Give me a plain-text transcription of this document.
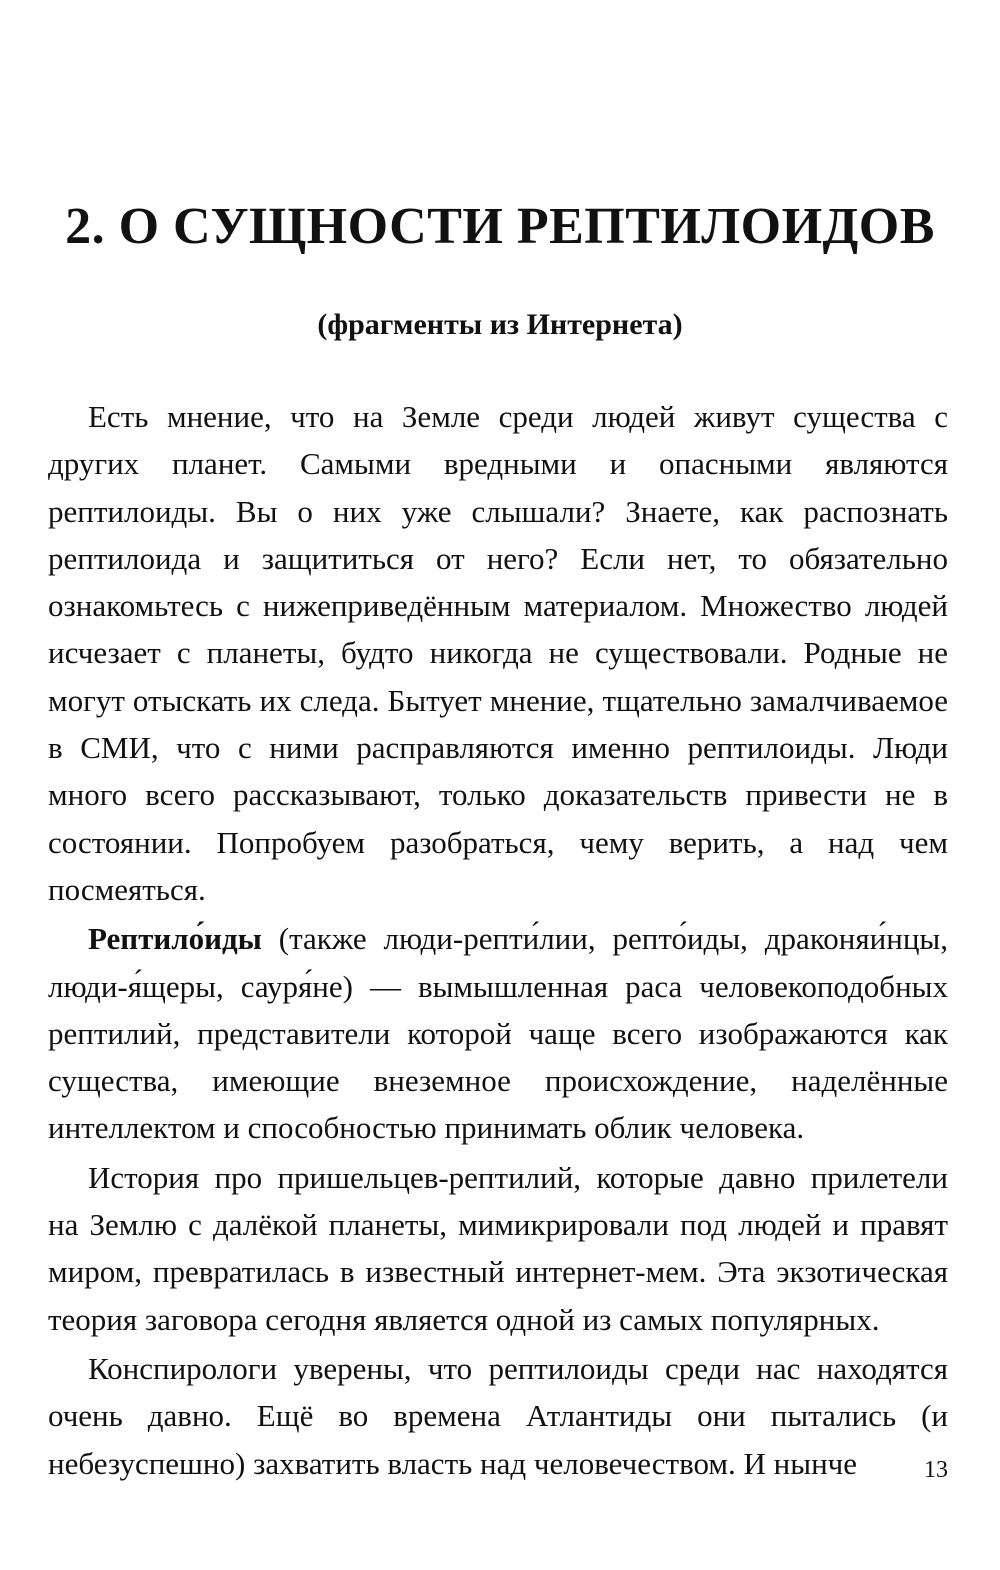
2. О СУЩНОСТИ РЕПТИЛОИДОВ
(фрагменты из Интернета)

Есть мнение, что на Земле среди людей живут существа с других планет. Самыми вредными и опасными являются рептилоиды. Вы о них уже слышали? Знаете, как распознать рептилоида и защититься от него? Если нет, то обязательно ознакомьтесь с нижеприведённым материалом. Множество людей исчезает с планеты, будто никогда не существовали. Родные не могут отыскать их следа. Бытует мнение, тщательно замалчиваемое в СМИ, что с ними расправляются именно рептилоиды. Люди много всего рассказывают, только доказательств привести не в состоянии. Попробуем разобраться, чему верить, а над чем посмеяться.

Рептило́иды (также люди-репти́лии, репто́иды, драконяи́нцы, люди-я́щеры, сауря́не) — вымышленная раса человекоподобных рептилий, представители которой чаще всего изображаются как существа, имеющие внеземное происхождение, наделённые интеллектом и способностью принимать облик человека.

История про пришельцев-рептилий, которые давно прилетели на Землю с далёкой планеты, мимикрировали под людей и правят миром, превратилась в известный интернет-мем. Эта экзотическая теория заговора сегодня является одной из самых популярных.

Конспирологи уверены, что рептилоиды среди нас находятся очень давно. Ещё во времена Атлантиды они пытались (и небезуспешно) захватить власть над человечеством. И нынче	13
